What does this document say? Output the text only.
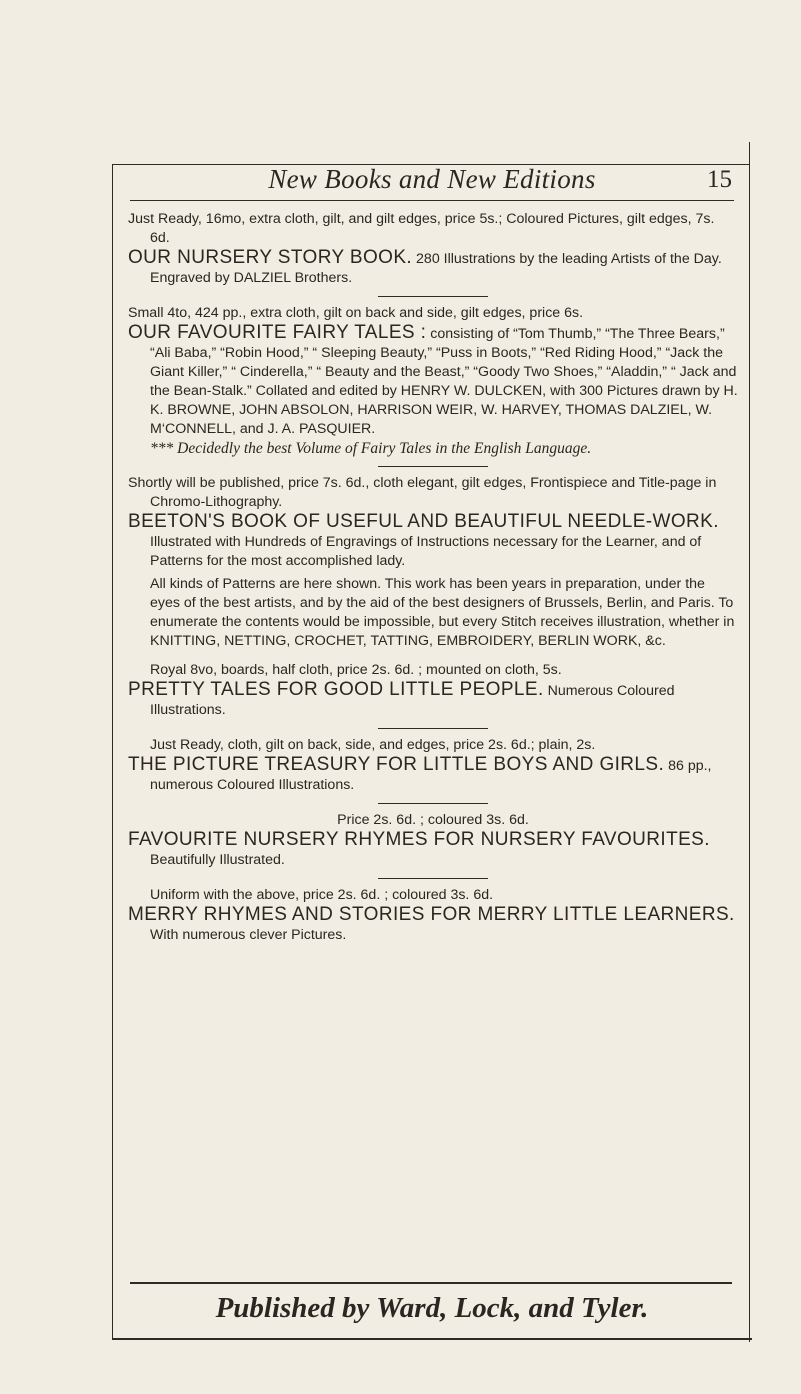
New Books and New Editions	15

Just Ready, 16mo, extra cloth, gilt, and gilt edges, price 5s.; Coloured Pictures, gilt edges, 7s. 6d.

OUR NURSERY STORY BOOK. 280 Illustrations by the leading Artists of the Day. Engraved by DALZIEL Brothers.

Small 4to, 424 pp., extra cloth, gilt on back and side, gilt edges, price 6s.

OUR FAVOURITE FAIRY TALES : consisting of “Tom Thumb,” “The Three Bears,” “Ali Baba,” “Robin Hood,” “ Sleeping Beauty,” “Puss in Boots,” “Red Riding Hood,” “Jack the Giant Killer,” “ Cinderella,” “ Beauty and the Beast,” “Goody Two Shoes,” “Aladdin,” “ Jack and the Bean-Stalk.” Collated and edited by HENRY W. DULCKEN, with 300 Pictures drawn by H. K. BROWNE, JOHN ABSOLON, HARRISON WEIR, W. HARVEY, THOMAS DALZIEL, W. M‘CONNELL, and J. A. PASQUIER.

*** Decidedly the best Volume of Fairy Tales in the English Language.

Shortly will be published, price 7s. 6d., cloth elegant, gilt edges, Frontispiece and Title-page in Chromo-Lithography.

BEETON'S BOOK OF USEFUL AND BEAUTIFUL NEEDLE-WORK. Illustrated with Hundreds of Engravings of Instructions necessary for the Learner, and of Patterns for the most accomplished lady.

All kinds of Patterns are here shown. This work has been years in preparation, under the eyes of the best artists, and by the aid of the best designers of Brussels, Berlin, and Paris. To enumerate the contents would be impossible, but every Stitch receives illustration, whether in KNITTING, NETTING, CROCHET, TATTING, EMBROIDERY, BERLIN WORK, &c.

Royal 8vo, boards, half cloth, price 2s. 6d. ; mounted on cloth, 5s.

PRETTY TALES FOR GOOD LITTLE PEOPLE. Numerous Coloured Illustrations.

Just Ready, cloth, gilt on back, side, and edges, price 2s. 6d.; plain, 2s.

THE PICTURE TREASURY FOR LITTLE BOYS AND GIRLS. 86 pp., numerous Coloured Illustrations.

Price 2s. 6d. ; coloured 3s. 6d.

FAVOURITE NURSERY RHYMES FOR NURSERY FAVOURITES. Beautifully Illustrated.

Uniform with the above, price 2s. 6d. ; coloured 3s. 6d.

MERRY RHYMES AND STORIES FOR MERRY LITTLE LEARNERS. With numerous clever Pictures.

Published by Ward, Lock, and Tyler.
